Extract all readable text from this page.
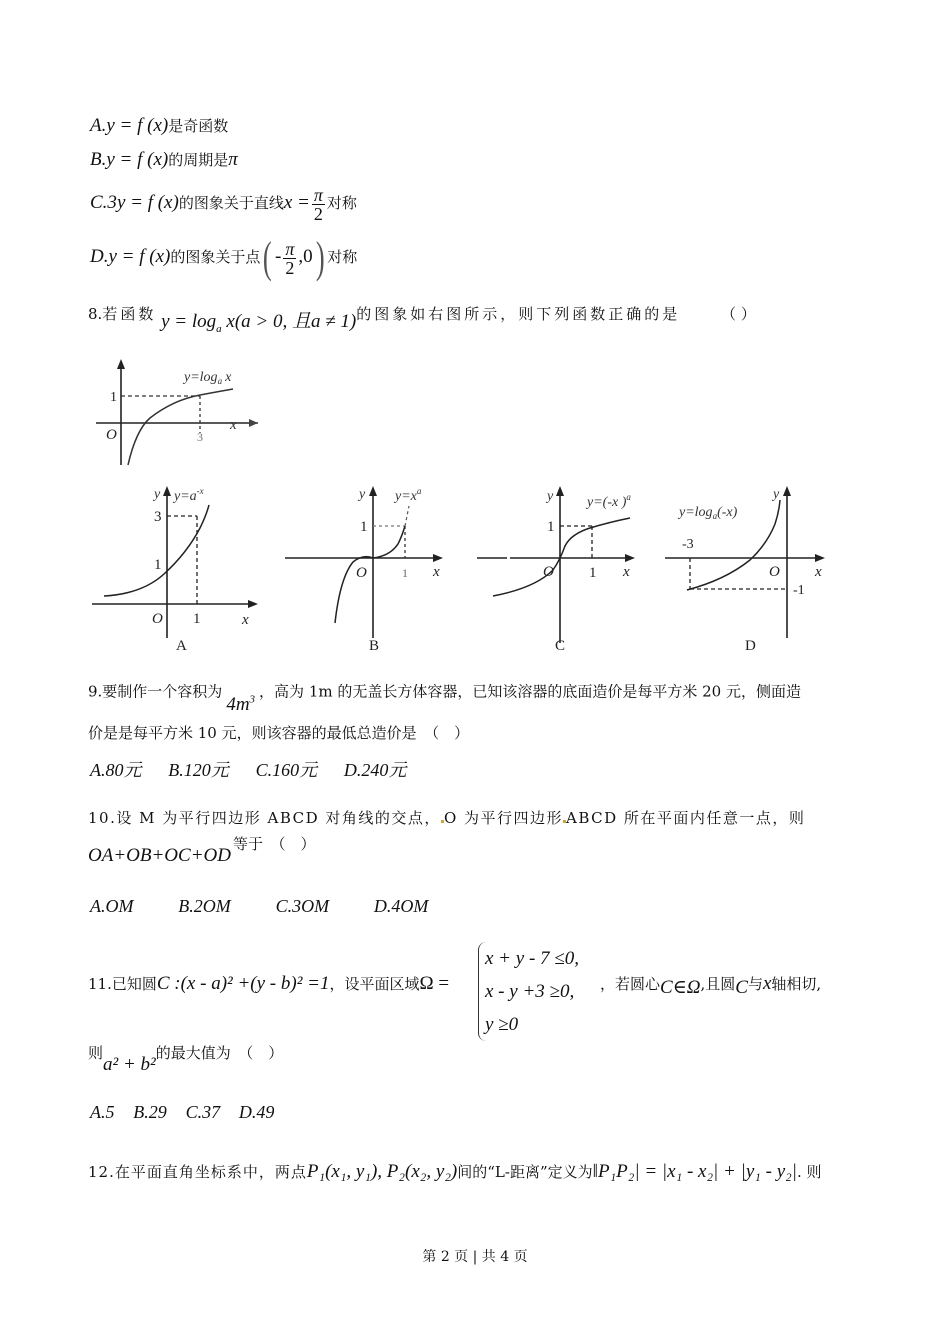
A.y = f (x)是奇函数
B.y = f (x)的周期是π
C.3y = f (x)的图象关于直线$x = \frac{\pi}{2}$ 对称
D.y = f (x)的图象关于点( - $\frac{\pi}{2} ,0$) 对称
8.若函数 $y = \log_a x(a > 0$, 且a ≠ 1)的图象如右图所示，则下列函数正确的是	（ ）
$y=\log_a$ x
1
O	3
x
$y=a^{-x}$
y
3
1
O 1	x
A
y $y=x^a$
1
O	1 x
B
y y=(-x )$^a$
1
O 1 x
C
y
$y=\log_a(-x)$
-3
O
-1
x
D
9.要制作一个容积为$4m^3$ ，高为 1m 的无盖长方体容器，已知该溶器的底面造价是每平方米 20 元，侧面造
价是是每平方米 10 元，则该容器的最低总造价是　（　）
A.80元 B.120元 C.160元 D.240元
10.设 M 为平行四边形 ABCD 对角线的交点， O 为平行四边形 ABCD 所在平面内任意一点，则
OA+OB+OC+OD等于　（　）
A.OM B.2OM C.3OM D.4OM
11.已知圆C :(x - a)² +(y - b)² =1，设平面区域Ω =
x + y - 7 ≤0,
x - y +3 ≥0,
y ≥0
，若圆心C∈Ω,且圆C与x轴相切,
则a² + b²的最大值为　（　）
A.5 B.29 C.37 D.49
12.在平面直角坐标系中，两点P₁(x₁, y₁), P₂(x₂, y₂)间的“L-距离”定义为‖P₁P₂| = |x₁ - x₂| + |y₁ - y₂|. 则
第 2 页 | 共 4 页
